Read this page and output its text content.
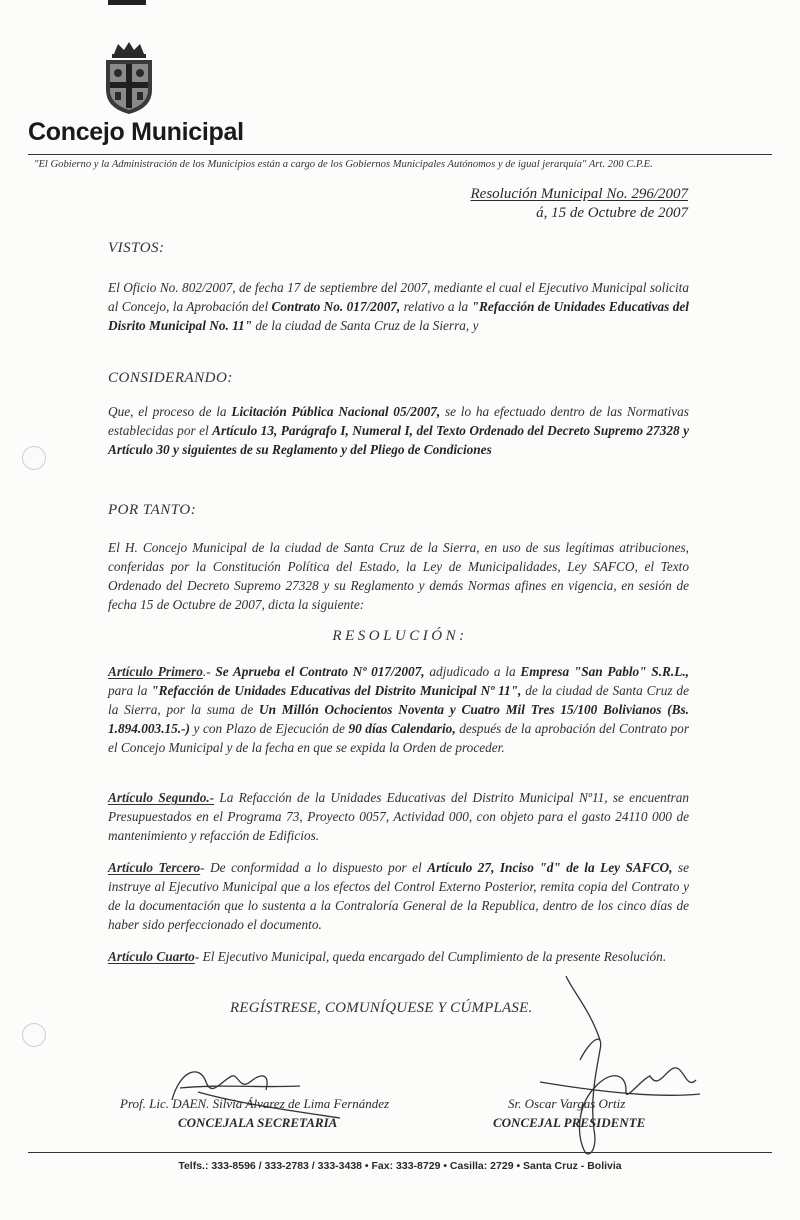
Concejo Municipal
"El Gobierno y la Administración de los Municipios están a cargo de los Gobiernos Municipales Autónomos y de igual jerarquía" Art. 200 C.P.E.
Resolución Municipal No. 296/2007
á, 15 de Octubre de 2007
VISTOS:
El Oficio No. 802/2007, de fecha 17 de septiembre del 2007, mediante el cual el Ejecutivo Municipal solicita al Concejo, la Aprobación del Contrato No. 017/2007, relativo a la "Refacción de Unidades Educativas del Disrito Municipal No. 11" de la ciudad de Santa Cruz de la Sierra, y
CONSIDERANDO:
Que, el proceso de la Licitación Pública Nacional 05/2007, se lo ha efectuado dentro de las Normativas establecidas por el Artículo 13, Parágrafo I, Numeral I, del Texto Ordenado del Decreto Supremo 27328 y Artículo 30 y siguientes de su Reglamento y del Pliego de Condiciones
POR TANTO:
El H. Concejo Municipal de la ciudad de Santa Cruz de la Sierra, en uso de sus legítimas atribuciones, conferidas por la Constitución Política del Estado, la Ley de Municipalidades, Ley SAFCO, el Texto Ordenado del Decreto Supremo 27328 y su Reglamento y demás Normas afines en vigencia, en sesión de fecha 15 de Octubre de 2007, dicta la siguiente:
RESOLUCIÓN:
Artículo Primero.- Se Aprueba el Contrato Nº 017/2007, adjudicado a la Empresa "San Pablo" S.R.L., para la "Refacción de Unidades Educativas del Distrito Municipal Nº 11", de la ciudad de Santa Cruz de la Sierra, por la suma de Un Millón Ochocientos Noventa y Cuatro Mil Tres 15/100 Bolivianos (Bs. 1.894.003.15.-) y con Plazo de Ejecución de 90 días Calendario, después de la aprobación del Contrato por el Concejo Municipal y de la fecha en que se expida la Orden de proceder.
Artículo Segundo.- La Refacción de la Unidades Educativas del Distrito Municipal Nº11, se encuentran Presupuestados en el Programa 73, Proyecto 0057, Actividad 000, con objeto para el gasto 24110 000 de mantenimiento y refacción de Edificios.
Artículo Tercero- De conformidad a lo dispuesto por el Artículo 27, Inciso "d" de la Ley SAFCO, se instruye al Ejecutivo Municipal que a los efectos del Control Externo Posterior, remita copia del Contrato y de la documentación que lo sustenta a la Contraloría General de la Republica, dentro de los cinco días de haber sido perfeccionado el documento.
Artículo Cuarto- El Ejecutivo Municipal, queda encargado del Cumplimiento de la presente Resolución.
REGÍSTRESE, COMUNÍQUESE Y CÚMPLASE.
Prof. Lic. DAEN. Silvia Álvarez de Lima Fernández
CONCEJALA SECRETARIA
Sr. Oscar Vargas Ortiz
CONCEJAL PRESIDENTE
Telfs.: 333-8596 / 333-2783 / 333-3438 • Fax: 333-8729 • Casilla: 2729 • Santa Cruz - Bolivia
